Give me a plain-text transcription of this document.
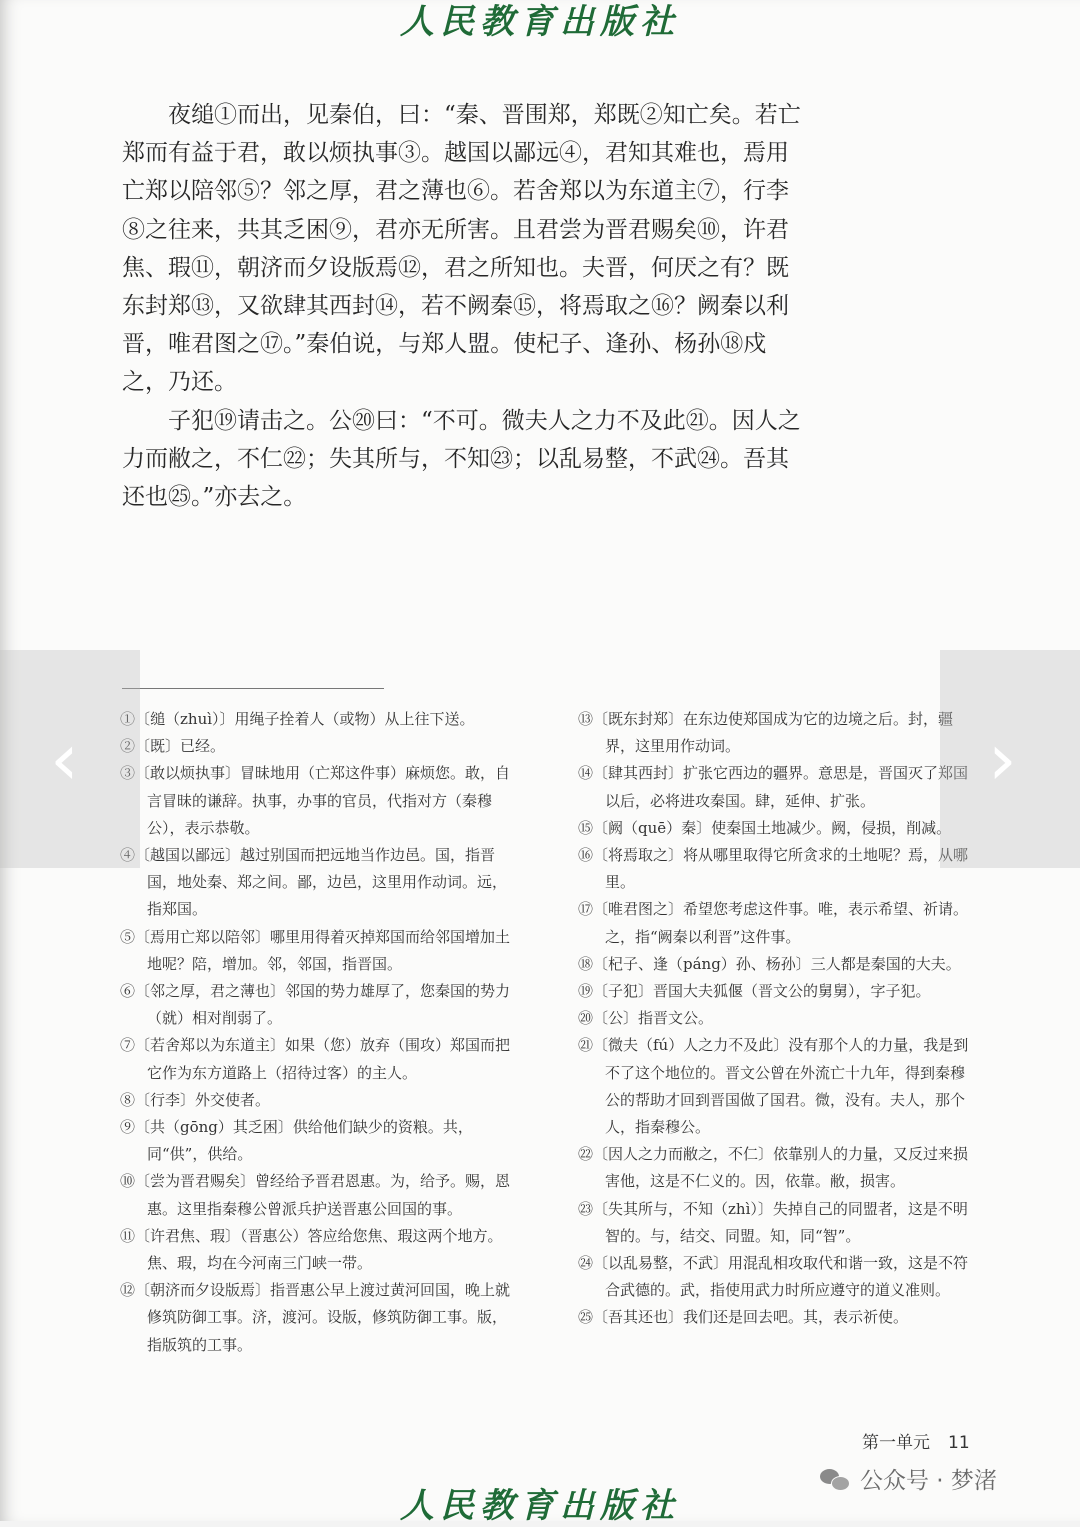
人民教育出版社

夜缒①而出，见秦伯，曰：“秦、晋围郑，郑既②知亡矣。若亡郑而有益于君，敢以烦执事③。越国以鄙远④，君知其难也，焉用亡郑以陪邻⑤？邻之厚，君之薄也⑥。若舍郑以为东道主⑦，行李⑧之往来，共其乏困⑨，君亦无所害。且君尝为晋君赐矣⑩，许君焦、瑕⑪，朝济而夕设版焉⑫，君之所知也。夫晋，何厌之有？既东封郑⑬，又欲肆其西封⑭，若不阙秦⑮，将焉取之⑯？阙秦以利晋，唯君图之⑰。”秦伯说，与郑人盟。使杞子、逢孙、杨孙⑱戍之，乃还。

子犯⑲请击之。公⑳曰：“不可。微夫人之力不及此㉑。因人之力而敝之，不仁㉒；失其所与，不知㉓；以乱易整，不武㉔。吾其还也㉕。”亦去之。

①〔缒（zhuì）〕用绳子拴着人（或物）从上往下送。
②〔既〕已经。
③〔敢以烦执事〕冒昧地用（亡郑这件事）麻烦您。敢，自言冒昧的谦辞。执事，办事的官员，代指对方（秦穆公），表示恭敬。
④〔越国以鄙远〕越过别国而把远地当作边邑。国，指晋国，地处秦、郑之间。鄙，边邑，这里用作动词。远，指郑国。
⑤〔焉用亡郑以陪邻〕哪里用得着灭掉郑国而给邻国增加土地呢？陪，增加。邻，邻国，指晋国。
⑥〔邻之厚，君之薄也〕邻国的势力雄厚了，您秦国的势力（就）相对削弱了。
⑦〔若舍郑以为东道主〕如果（您）放弃（围攻）郑国而把它作为东方道路上（招待过客）的主人。
⑧〔行李〕外交使者。
⑨〔共（gōng）其乏困〕供给他们缺少的资粮。共，同“供”，供给。
⑩〔尝为晋君赐矣〕曾经给予晋君恩惠。为，给予。赐，恩惠。这里指秦穆公曾派兵护送晋惠公回国的事。
⑪〔许君焦、瑕〕（晋惠公）答应给您焦、瑕这两个地方。焦、瑕，均在今河南三门峡一带。
⑫〔朝济而夕设版焉〕指晋惠公早上渡过黄河回国，晚上就修筑防御工事。济，渡河。设版，修筑防御工事。版，指版筑的工事。
⑬〔既东封郑〕在东边使郑国成为它的边境之后。封，疆界，这里用作动词。
⑭〔肆其西封〕扩张它西边的疆界。意思是，晋国灭了郑国以后，必将进攻秦国。肆，延伸、扩张。
⑮〔阙（quē）秦〕使秦国土地减少。阙，侵损，削减。
⑯〔将焉取之〕将从哪里取得它所贪求的土地呢？焉，从哪里。
⑰〔唯君图之〕希望您考虑这件事。唯，表示希望、祈请。之，指“阙秦以利晋”这件事。
⑱〔杞子、逢（páng）孙、杨孙〕三人都是秦国的大夫。
⑲〔子犯〕晋国大夫狐偃（晋文公的舅舅），字子犯。
⑳〔公〕指晋文公。
㉑〔微夫（fú）人之力不及此〕没有那个人的力量，我是到不了这个地位的。晋文公曾在外流亡十九年，得到秦穆公的帮助才回到晋国做了国君。微，没有。夫人，那个人，指秦穆公。
㉒〔因人之力而敝之，不仁〕依靠别人的力量，又反过来损害他，这是不仁义的。因，依靠。敝，损害。
㉓〔失其所与，不知（zhì）〕失掉自己的同盟者，这是不明智的。与，结交、同盟。知，同“智”。
㉔〔以乱易整，不武〕用混乱相攻取代和谐一致，这是不符合武德的。武，指使用武力时所应遵守的道义准则。
㉕〔吾其还也〕我们还是回去吧。其，表示祈使。
‹	›
第一单元 11
公众号 · 梦渚
人民教育出版社
